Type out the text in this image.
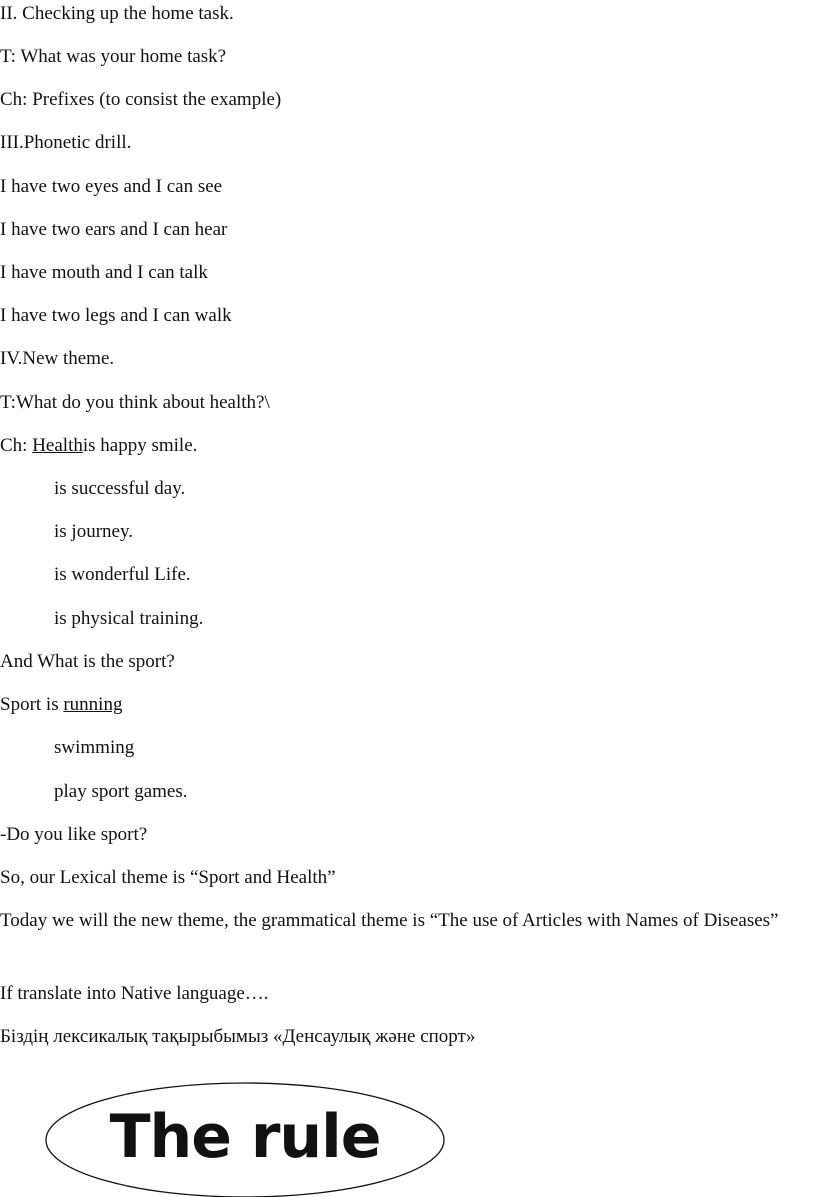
II. Checking up the home task.
T: What was your home task?
Ch: Prefixes (to consist the example)
III.Phonetic drill.
I have two eyes and I can see
I have two ears and I can hear
I have mouth and I can talk
I have two legs and I can walk
IV.New theme.
T:What do you think about health?\
Ch: Healthis happy smile.
is successful day.
is journey.
is wonderful Life.
is physical training.
And What is the sport?
Sport is running
swimming
play sport games.
-Do you like sport?
So, our Lexical theme is “Sport and Health”
Today we will the new theme, the grammatical theme is “The use of Articles with Names of Diseases”
If translate into Native language….
Біздің лексикалық тақырыбымыз «Денсаулық және спорт»
The rule
